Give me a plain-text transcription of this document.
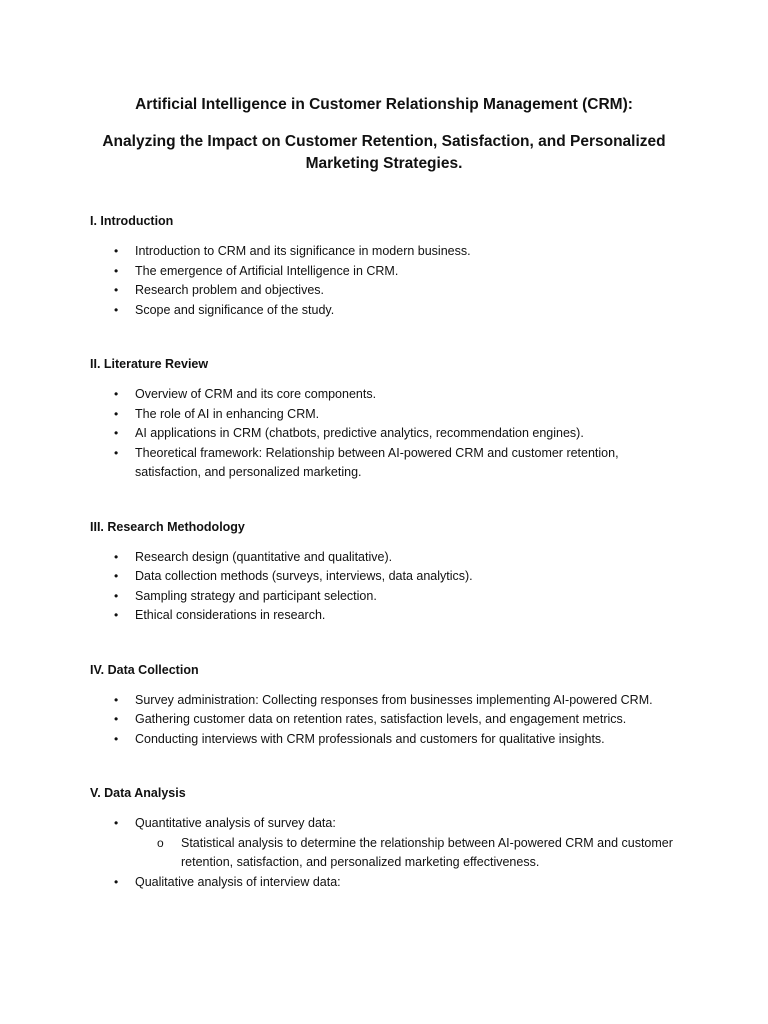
Artificial Intelligence in Customer Relationship Management (CRM):
Analyzing the Impact on Customer Retention, Satisfaction, and Personalized Marketing Strategies.
I. Introduction
• Introduction to CRM and its significance in modern business.
• The emergence of Artificial Intelligence in CRM.
• Research problem and objectives.
• Scope and significance of the study.
II. Literature Review
• Overview of CRM and its core components.
• The role of AI in enhancing CRM.
• AI applications in CRM (chatbots, predictive analytics, recommendation engines).
• Theoretical framework: Relationship between AI-powered CRM and customer retention, satisfaction, and personalized marketing.
III. Research Methodology
• Research design (quantitative and qualitative).
• Data collection methods (surveys, interviews, data analytics).
• Sampling strategy and participant selection.
• Ethical considerations in research.
IV. Data Collection
• Survey administration: Collecting responses from businesses implementing AI-powered CRM.
• Gathering customer data on retention rates, satisfaction levels, and engagement metrics.
• Conducting interviews with CRM professionals and customers for qualitative insights.
V. Data Analysis
• Quantitative analysis of survey data:
o Statistical analysis to determine the relationship between AI-powered CRM and customer retention, satisfaction, and personalized marketing effectiveness.
• Qualitative analysis of interview data:
